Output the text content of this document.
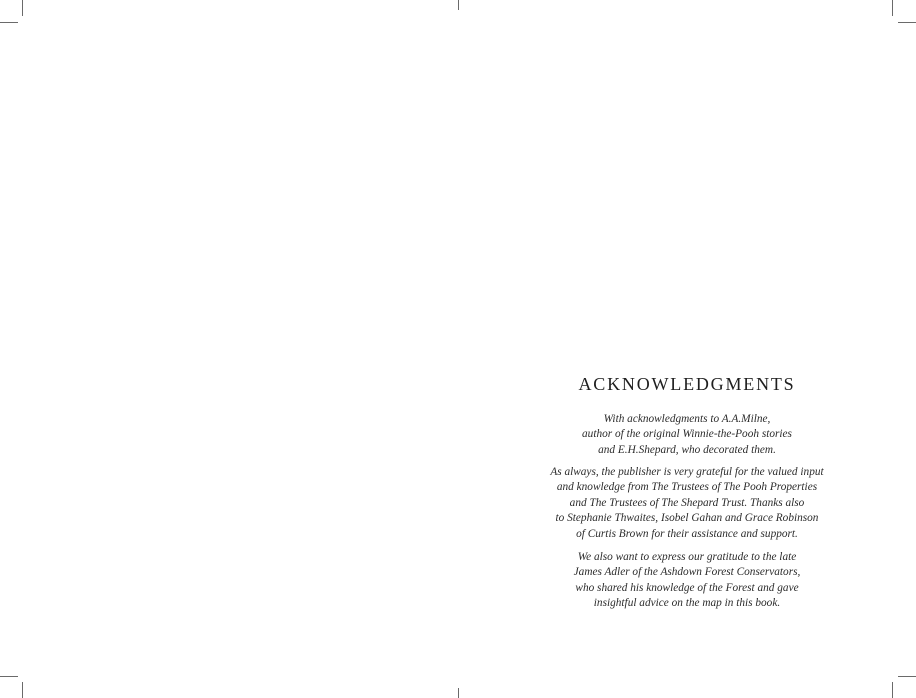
ACKNOWLEDGMENTS

With acknowledgments to A.A.Milne,
author of the original Winnie-the-Pooh stories
and E.H.Shepard, who decorated them.

As always, the publisher is very grateful for the valued input
and knowledge from The Trustees of The Pooh Properties
and The Trustees of The Shepard Trust. Thanks also
to Stephanie Thwaites, Isobel Gahan and Grace Robinson
of Curtis Brown for their assistance and support.

We also want to express our gratitude to the late
James Adler of the Ashdown Forest Conservators,
who shared his knowledge of the Forest and gave
insightful advice on the map in this book.
